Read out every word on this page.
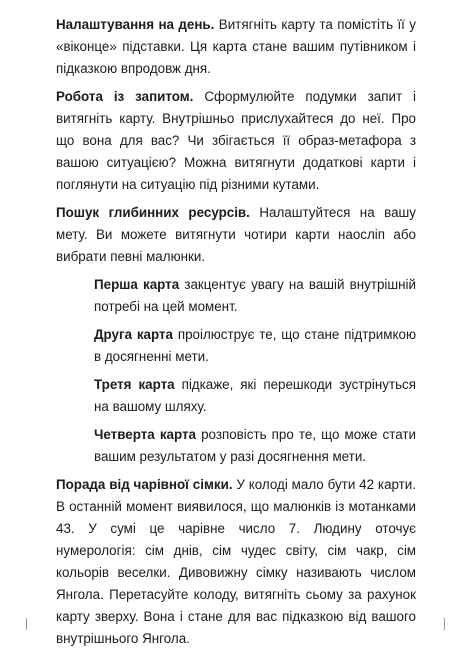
Налаштування на день. Витягніть карту та помістіть її у «віконце» підставки. Ця карта стане вашим путівником і підказкою впродовж дня.

Робота із запитом. Сформулюйте подумки запит і витягніть карту. Внутрішньо прислухайтеся до неї. Про що вона для вас? Чи збігається її образ-метафора з вашою ситуацією? Можна витягнути додаткові карти і поглянути на ситуацію під різними кутами.

Пошук глибинних ресурсів. Налаштуйтеся на вашу мету. Ви можете витягнути чотири карти наосліп або вибрати певні малюнки.

Перша карта закцентує увагу на вашій внутрішній потребі на цей момент.

Друга карта проілюструє те, що стане підтримкою в досягненні мети.

Третя карта підкаже, які перешкоди зустрінуться на вашому шляху.

Четверта карта розповість про те, що може стати вашим результатом у разі досягнення мети.

Порада від чарівної сімки. У колоді мало бути 42 карти. В останній момент виявилося, що малюнків із мотанками 43. У сумі це чарівне число 7. Людину оточує нумерологія: сім днів, сім чудес світу, сім чакр, сім кольорів веселки. Дивовижну сімку називають числом Янгола. Перетасуйте колоду, витягніть сьому за рахунок карту зверху. Вона і стане для вас підказкою від вашого внутрішнього Янгола.
